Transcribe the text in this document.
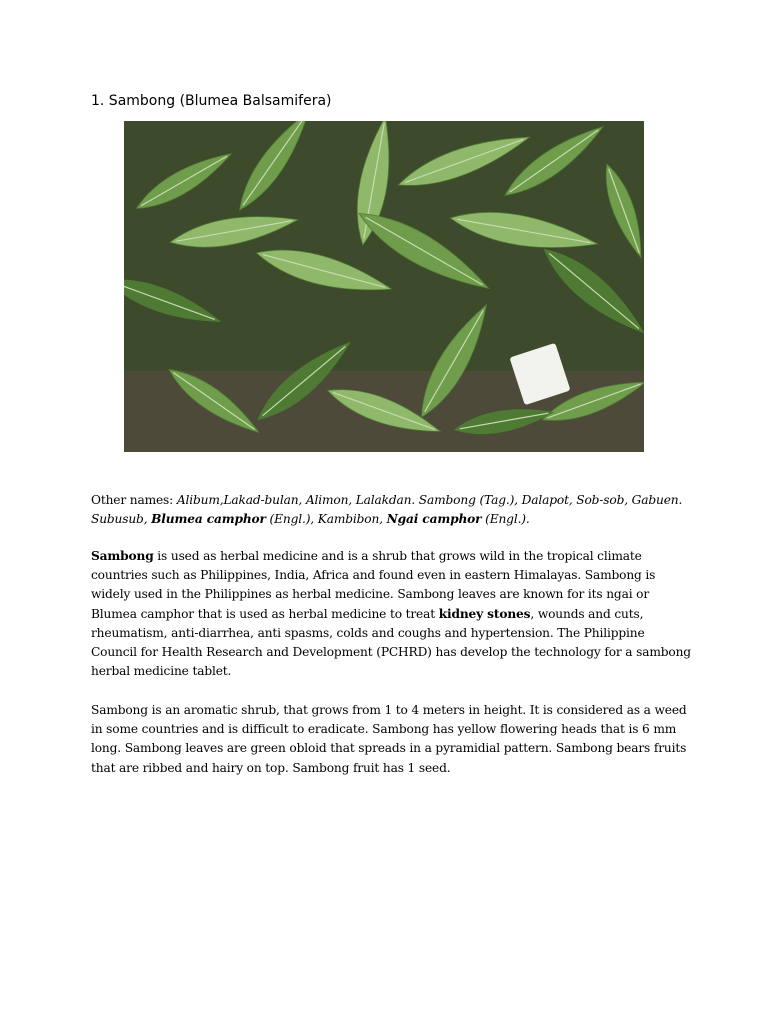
1. Sambong (Blumea Balsamifera)

Other names: Alibum,Lakad-bulan, Alimon, Lalakdan. Sambong (Tag.), Dalapot, Sob-sob, Gabuen. Subusub, Blumea camphor (Engl.), Kambibon, Ngai camphor (Engl.).

Sambong is used as herbal medicine and is a shrub that grows wild in the tropical climate countries such as Philippines, India, Africa and found even in eastern Himalayas. Sambong is widely used in the Philippines as herbal medicine. Sambong leaves are known for its ngai or Blumea camphor that is used as herbal medicine to treat kidney stones, wounds and cuts, rheumatism, anti-diarrhea, anti spasms, colds and coughs and hypertension. The Philippine Council for Health Research and Development (PCHRD) has develop the technology for a sambong herbal medicine tablet.

Sambong is an aromatic shrub, that grows from 1 to 4 meters in height. It is considered as a weed in some countries and is difficult to eradicate. Sambong has yellow flowering heads that is 6 mm long. Sambong leaves are green obloid that spreads in a pyramidial pattern. Sambong bears fruits that are ribbed and hairy on top. Sambong fruit has 1 seed.
